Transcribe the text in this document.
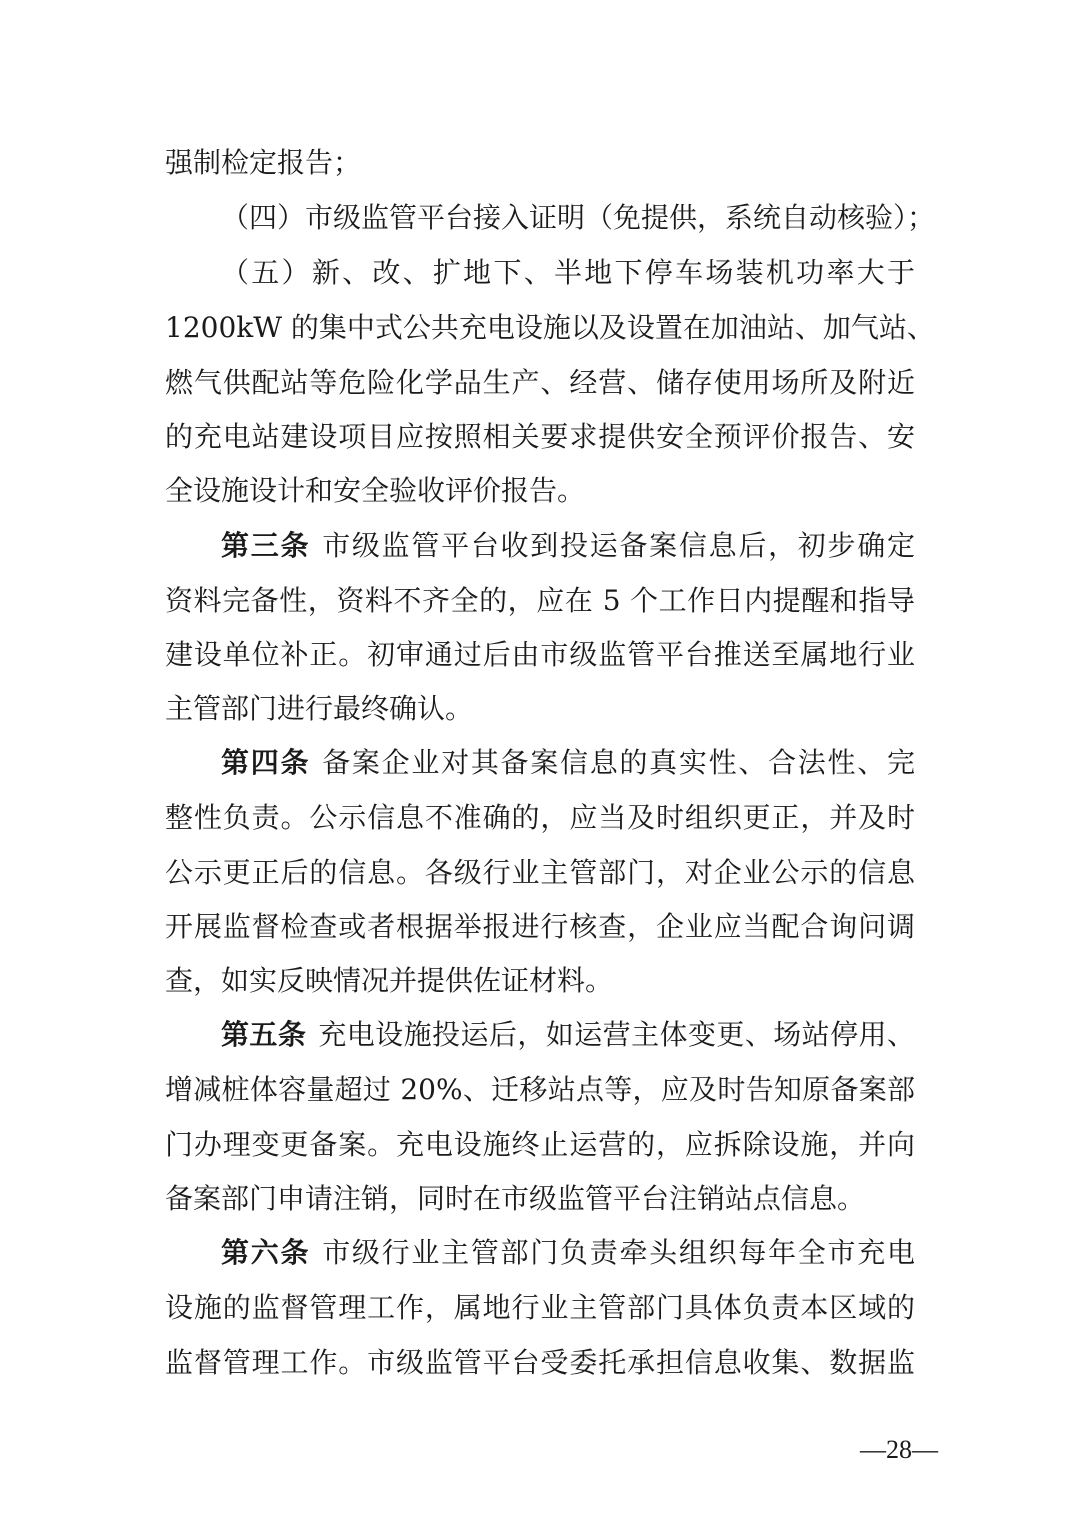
强制检定报告；
（四）市级监管平台接入证明（免提供，系统自动核验）；
（五）新、改、扩地下、半地下停车场装机功率大于
1200kW 的集中式公共充电设施以及设置在加油站、加气站、
燃气供配站等危险化学品生产、经营、储存使用场所及附近
的充电站建设项目应按照相关要求提供安全预评价报告、安
全设施设计和安全验收评价报告。
第三条 市级监管平台收到投运备案信息后，初步确定
资料完备性，资料不齐全的，应在 5 个工作日内提醒和指导
建设单位补正。初审通过后由市级监管平台推送至属地行业
主管部门进行最终确认。
第四条 备案企业对其备案信息的真实性、合法性、完
整性负责。公示信息不准确的，应当及时组织更正，并及时
公示更正后的信息。各级行业主管部门，对企业公示的信息
开展监督检查或者根据举报进行核查，企业应当配合询问调
查，如实反映情况并提供佐证材料。
第五条 充电设施投运后，如运营主体变更、场站停用、
增减桩体容量超过 20%、迁移站点等，应及时告知原备案部
门办理变更备案。充电设施终止运营的，应拆除设施，并向
备案部门申请注销，同时在市级监管平台注销站点信息。
第六条 市级行业主管部门负责牵头组织每年全市充电
设施的监督管理工作，属地行业主管部门具体负责本区域的
监督管理工作。市级监管平台受委托承担信息收集、数据监
—28—
